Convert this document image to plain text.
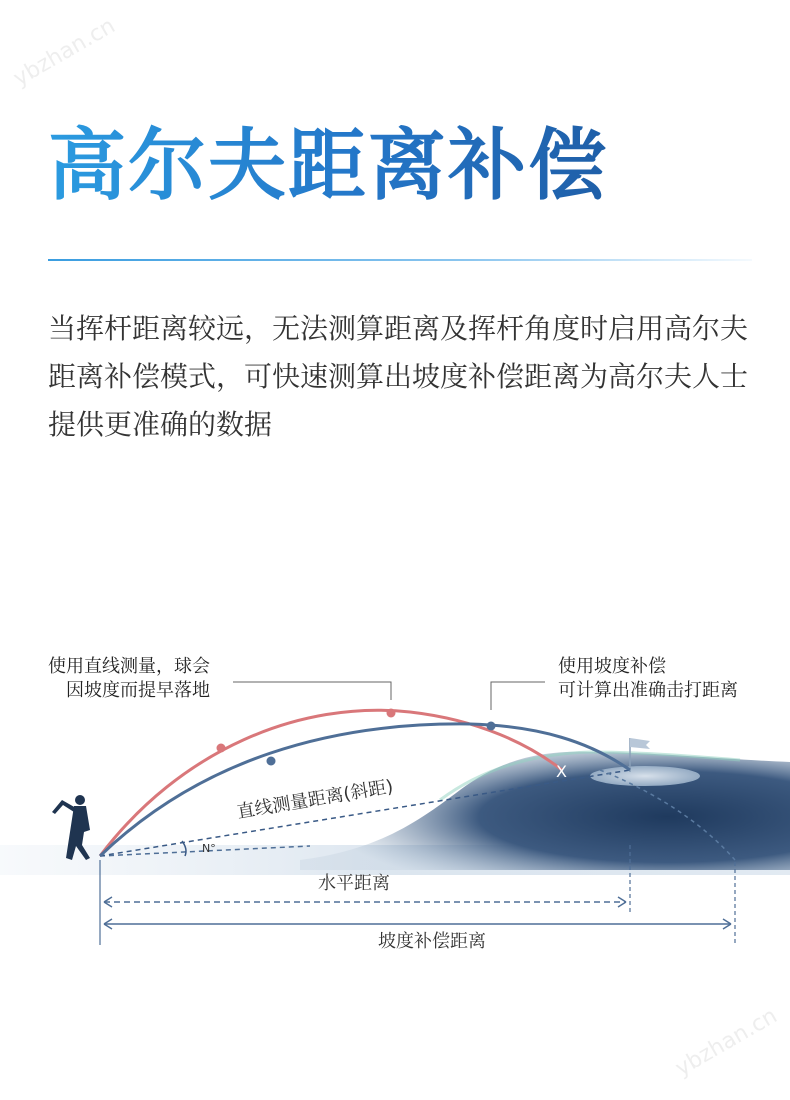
ybzhan.cn
ybzhan.cn
高尔夫距离补偿
当挥杆距离较远，无法测算距离及挥杆角度时启用高尔夫距离补偿模式，可快速测算出坡度补偿距离为高尔夫人士提供更准确的数据
N°
X
直线测量距离(斜距)
水平距离
坡度补偿距离
使用直线测量，球会
因坡度而提早落地
使用坡度补偿
可计算出准确击打距离
